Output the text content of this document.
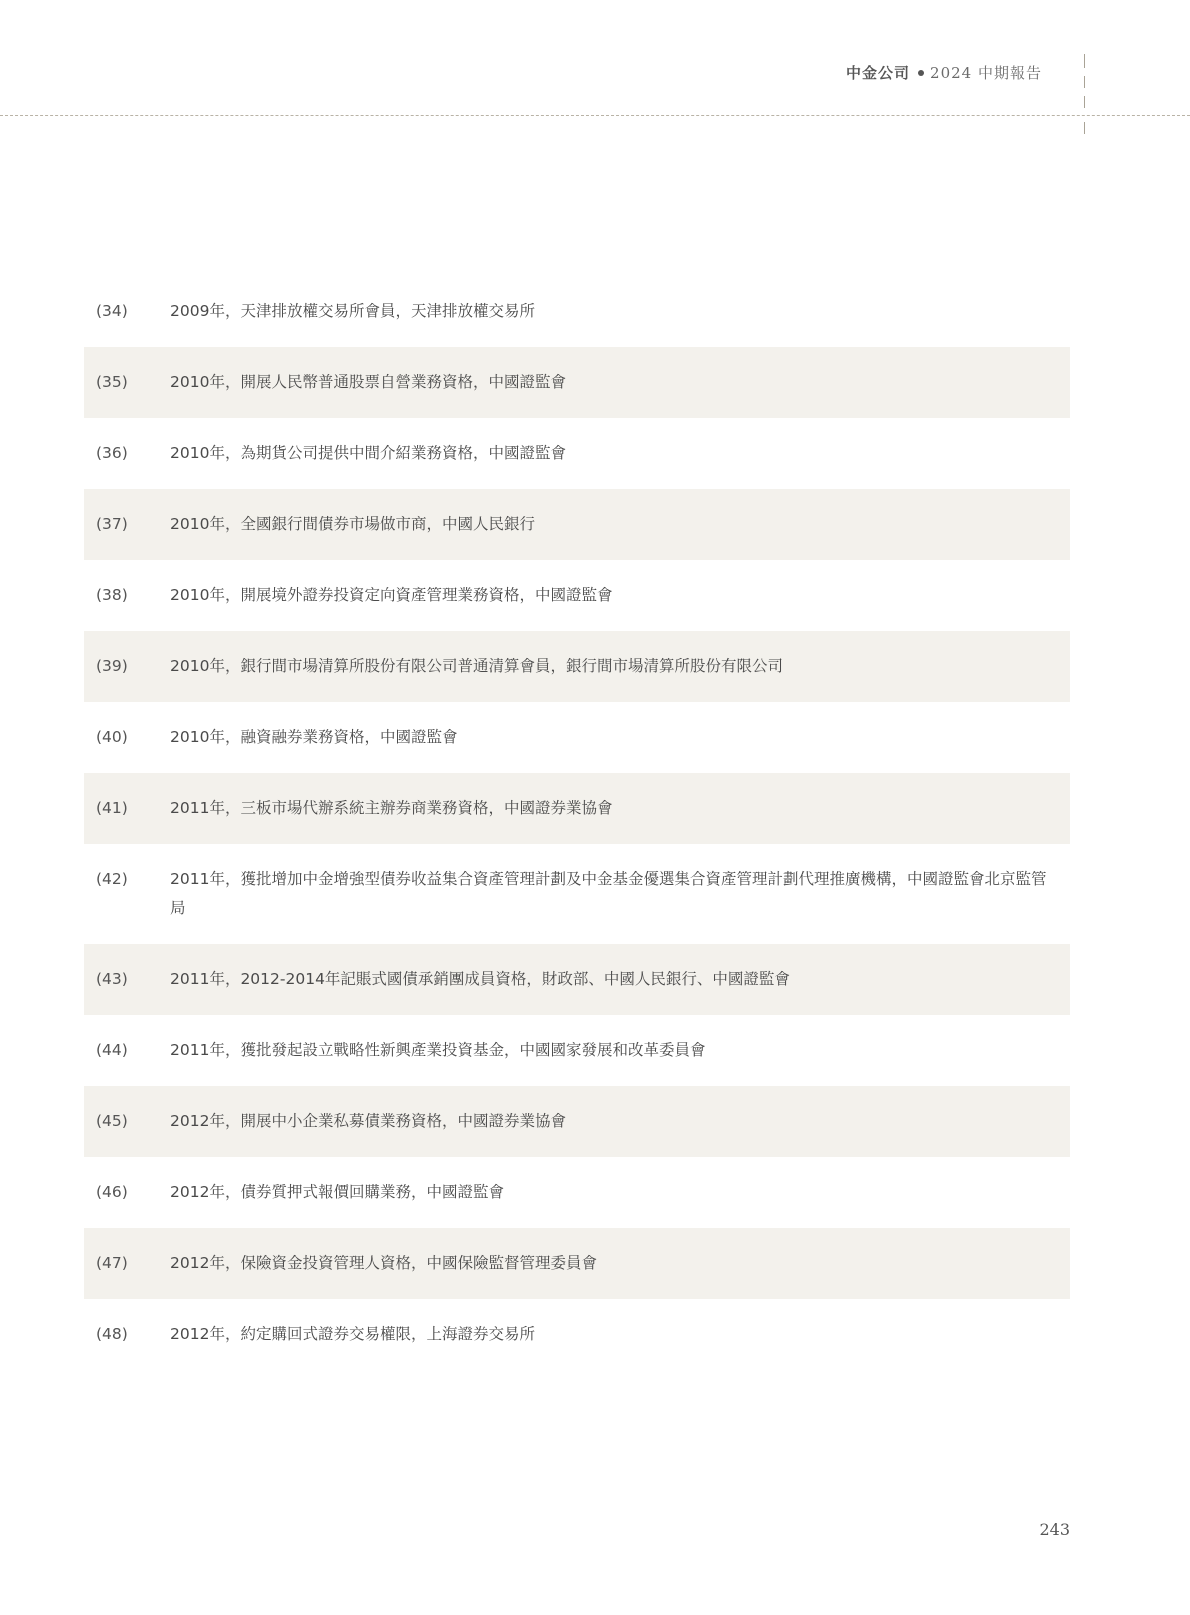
中金公司 2024 中期報告
(34)	2009年，天津排放權交易所會員，天津排放權交易所
(35)	2010年，開展人民幣普通股票自營業務資格，中國證監會
(36)	2010年，為期貨公司提供中間介紹業務資格，中國證監會
(37)	2010年，全國銀行間債券市場做市商，中國人民銀行
(38)	2010年，開展境外證券投資定向資產管理業務資格，中國證監會
(39)	2010年，銀行間市場清算所股份有限公司普通清算會員，銀行間市場清算所股份有限公司
(40)	2010年，融資融券業務資格，中國證監會
(41)	2011年，三板市場代辦系統主辦券商業務資格，中國證券業協會
(42)	2011年，獲批增加中金增強型債券收益集合資產管理計劃及中金基金優選集合資產管理計劃代理推廣機構，中國證監會北京監管局
(43)	2011年，2012-2014年記賬式國債承銷團成員資格，財政部、中國人民銀行、中國證監會
(44)	2011年，獲批發起設立戰略性新興產業投資基金，中國國家發展和改革委員會
(45)	2012年，開展中小企業私募債業務資格，中國證券業協會
(46)	2012年，債券質押式報價回購業務，中國證監會
(47)	2012年，保險資金投資管理人資格，中國保險監督管理委員會
(48)	2012年，約定購回式證券交易權限，上海證券交易所
243
